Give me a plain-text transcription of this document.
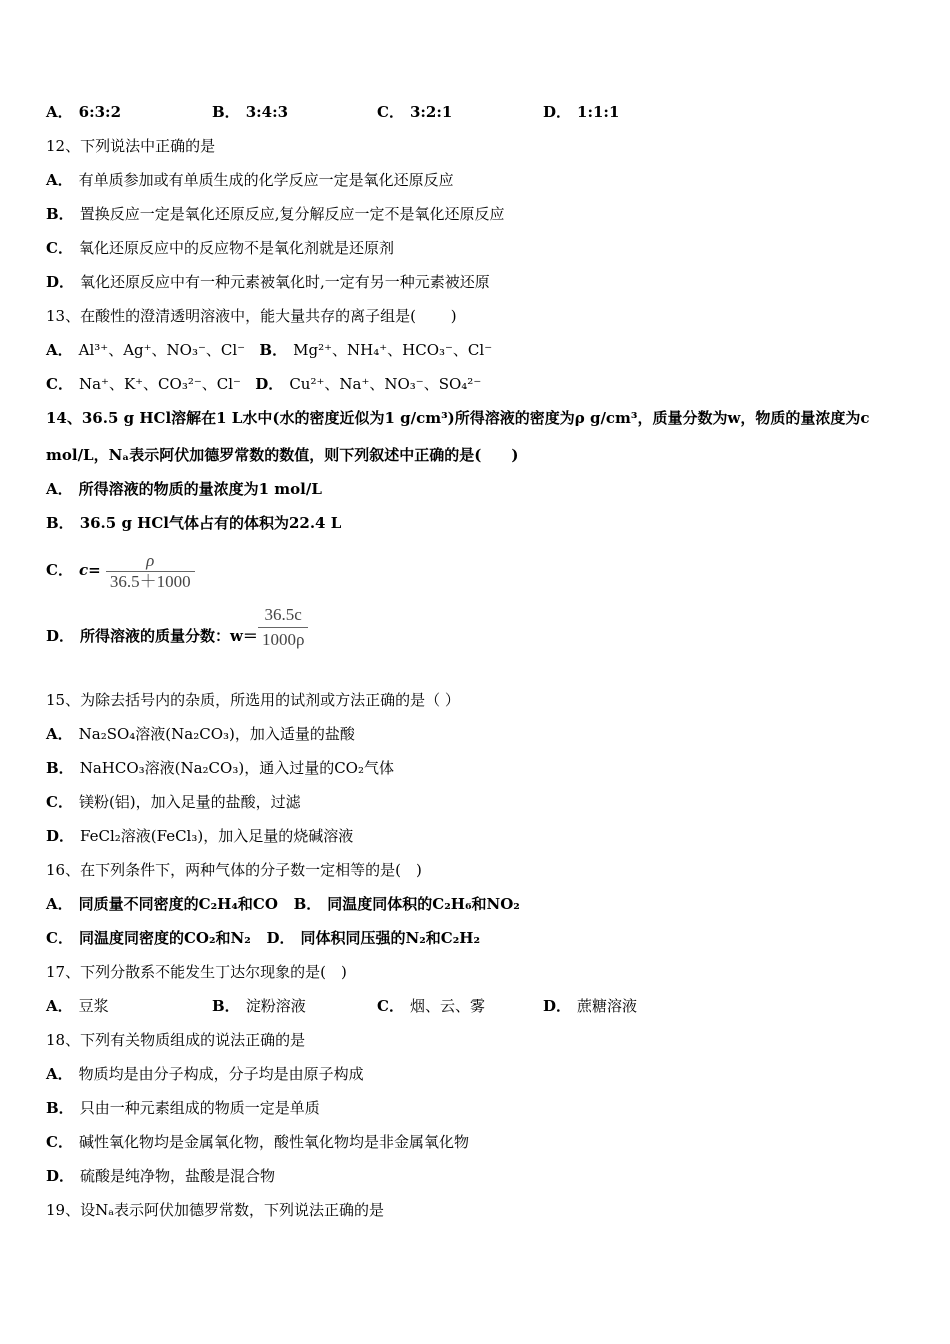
A． 6:3:2	B． 3:4:3	C． 3:2:1	D． 1:1:1
12、下列说法中正确的是
A． 有单质参加或有单质生成的化学反应一定是氧化还原反应
B． 置换反应一定是氧化还原反应,复分解反应一定不是氧化还原反应
C． 氧化还原反应中的反应物不是氧化剂就是还原剂
D． 氧化还原反应中有一种元素被氧化时,一定有另一种元素被还原
13、在酸性的澄清透明溶液中，能大量共存的离子组是(　　 )
A． Al³⁺、Ag⁺、NO₃⁻、Cl⁻ B． Mg²⁺、NH₄⁺、HCO₃⁻、Cl⁻
C． Na⁺、K⁺、CO₃²⁻、Cl⁻ D． Cu²⁺、Na⁺、NO₃⁻、SO₄²⁻
14、36.5 g HCl溶解在1 L水中(水的密度近似为1 g/cm³)所得溶液的密度为ρ g/cm³，质量分数为w，物质的量浓度为c
mol/L，Nₐ表示阿伏加德罗常数的数值，则下列叙述中正确的是(　　)
A． 所得溶液的物质的量浓度为1 mol/L
B． 36.5 g HCl气体占有的体积为22.4 L
C． $c= \frac{\rho}{36.5+1000}$
D． 所得溶液的质量分数：$w= \frac{36.5c}{1000\rho}$
15、为除去括号内的杂质，所选用的试剂或方法正确的是（ ）
A． Na₂SO₄溶液(Na₂CO₃)，加入适量的盐酸
B． NaHCO₃溶液(Na₂CO₃)，通入过量的CO₂气体
C． 镁粉(铝)，加入足量的盐酸，过滤
D． FeCl₂溶液(FeCl₃)，加入足量的烧碱溶液
16、在下列条件下，两种气体的分子数一定相等的是(　)
A． 同质量不同密度的C₂H₄和CO B． 同温度同体积的C₂H₆和NO₂
C． 同温度同密度的CO₂和N₂ D． 同体积同压强的N₂和C₂H₂
17、下列分散系不能发生丁达尔现象的是(　)
A． 豆浆	B． 淀粉溶液	C． 烟、云、雾	D． 蔗糖溶液
18、下列有关物质组成的说法正确的是
A． 物质均是由分子构成，分子均是由原子构成
B． 只由一种元素组成的物质一定是单质
C． 碱性氧化物均是金属氧化物，酸性氧化物均是非金属氧化物
D． 硫酸是纯净物，盐酸是混合物
19、设Nₐ表示阿伏加德罗常数，下列说法正确的是
